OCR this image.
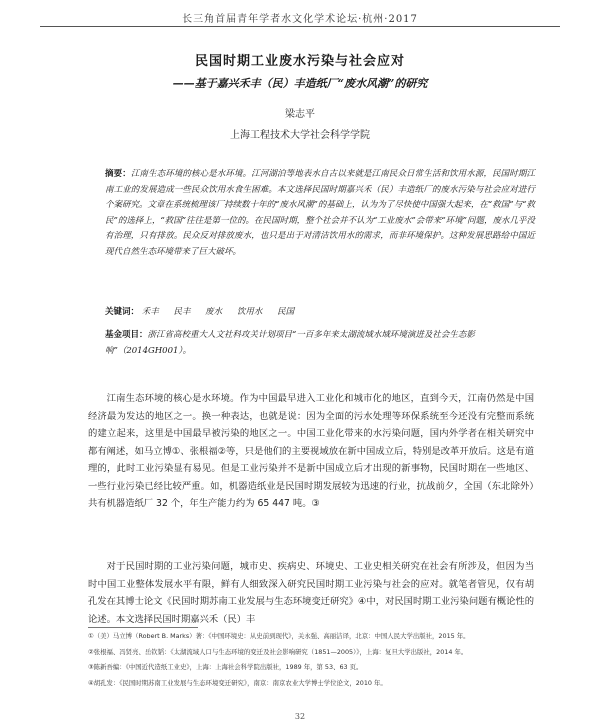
长三角首届青年学者水文化学术论坛·杭州·2017
民国时期工业废水污染与社会应对
——基于嘉兴禾丰（民）丰造纸厂“废水风潮”的研究
梁志平
上海工程技术大学社会科学学院
摘要：江南生态环境的核心是水环境。江河湖泊等地表水自古以来就是江南民众日常生活和饮用水源，民国时期江南工业的发展造成一些民众饮用水食生困难。本文选择民国时期嘉兴禾（民）丰造纸厂的废水污染与社会应对进行个案研究。文章在系统梳理该厂持续数十年的“废水风潮”的基础上，认为为了尽快使中国强大起来，在“救国”与“救民”的选择上，“救国”往往是第一位的。在民国时期，整个社会并不认为“工业废水”会带来“环境”问题，废水几乎没有治理，只有排放。民众反对排放废水，也只是出于对清洁饮用水的需求，而非环境保护。这种发展思路给中国近现代自然生态环境带来了巨大破坏。
关键词： 禾丰 民丰 废水 饮用水 民国
基金项目：浙江省高校重大人文社科攻关计划项目“一百多年来太湖流域水域环境演进及社会生态影响”（2014GH001）。
江南生态环境的核心是水环境。作为中国最早进入工业化和城市化的地区，直到今天，江南仍然是中国经济最为发达的地区之一。换一种表达，也就是说：因为全面的污水处理等环保系统至今还没有完整而系统的建立起来，这里是中国最早被污染的地区之一。中国工业化带来的水污染问题，国内外学者在相关研究中都有阐述，如马立博①、张根福②等，只是他们的主要视域放在新中国成立后，特别是改革开放后。这是有道理的，此时工业污染显有易见。但是工业污染并不是新中国成立后才出现的新事物，民国时期在一些地区、一些行业污染已经比较严重。如，机器造纸业是民国时期发展较为迅速的行业，抗战前夕，全国（东北除外）共有机器造纸厂 32 个，年生产能力约为 65 447 吨。③
对于民国时期的工业污染问题，城市史、疾病史、环境史、工业史相关研究在社会有所涉及，但因为当时中国工业整体发展水平有限，鲜有人细致深入研究民国时期工业污染与社会的应对。就笔者管见，仅有胡孔发在其博士论文《民国时期苏南工业发展与生态环境变迁研究》④中，对民国时期工业污染问题有概论性的论述。本文选择民国时期嘉兴禾（民）丰
①（美）马立博（Robert B. Marks）著：《中国环境史：从史前到现代》，关永强、高丽洁译，北京：中国人民大学出版社，2015 年。
②张根福、冯贤亮、岳钦韬：《太湖流域人口与生态环境的变迁及社会影响研究（1851—2005）》，上海：复旦大学出版社，2014 年。
③陈新吾编：《中国近代造纸工业史》，上海：上海社会科学院出版社，1989 年，第 53、63 页。
④胡孔发：《民国时期苏南工业发展与生态环境变迁研究》，南京：南京农业大学博士学位论文，2010 年。
32
